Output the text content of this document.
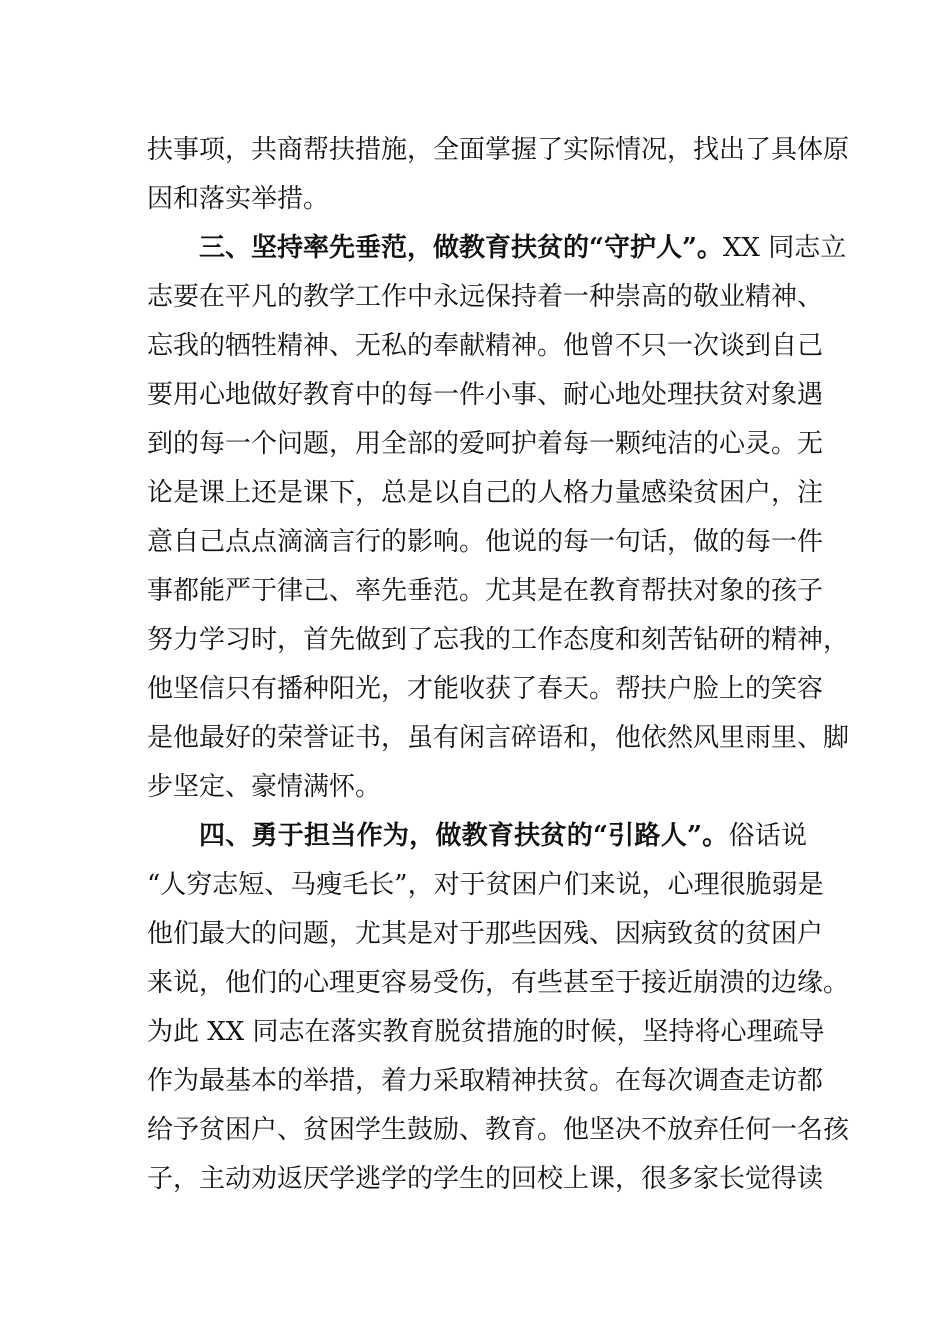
扶事项，共商帮扶措施，全面掌握了实际情况，找出了具体原
因和落实举措。
三、坚持率先垂范，做教育扶贫的“守护人”。XX 同志立
志要在平凡的教学工作中永远保持着一种崇高的敬业精神、
忘我的牺牲精神、无私的奉献精神。他曾不只一次谈到自己
要用心地做好教育中的每一件小事、耐心地处理扶贫对象遇
到的每一个问题，用全部的爱呵护着每一颗纯洁的心灵。无
论是课上还是课下，总是以自己的人格力量感染贫困户，注
意自己点点滴滴言行的影响。他说的每一句话，做的每一件
事都能严于律己、率先垂范。尤其是在教育帮扶对象的孩子
努力学习时，首先做到了忘我的工作态度和刻苦钻研的精神，
他坚信只有播种阳光，才能收获了春天。帮扶户脸上的笑容
是他最好的荣誉证书，虽有闲言碎语和，他依然风里雨里、脚
步坚定、豪情满怀。
四、勇于担当作为，做教育扶贫的“引路人”。俗话说
“人穷志短、马瘦毛长”，对于贫困户们来说，心理很脆弱是
他们最大的问题，尤其是对于那些因残、因病致贫的贫困户
来说，他们的心理更容易受伤，有些甚至于接近崩溃的边缘。
为此 XX 同志在落实教育脱贫措施的时候，坚持将心理疏导
作为最基本的举措，着力采取精神扶贫。在每次调查走访都
给予贫困户、贫困学生鼓励、教育。他坚决不放弃任何一名孩
子，主动劝返厌学逃学的学生的回校上课，很多家长觉得读
